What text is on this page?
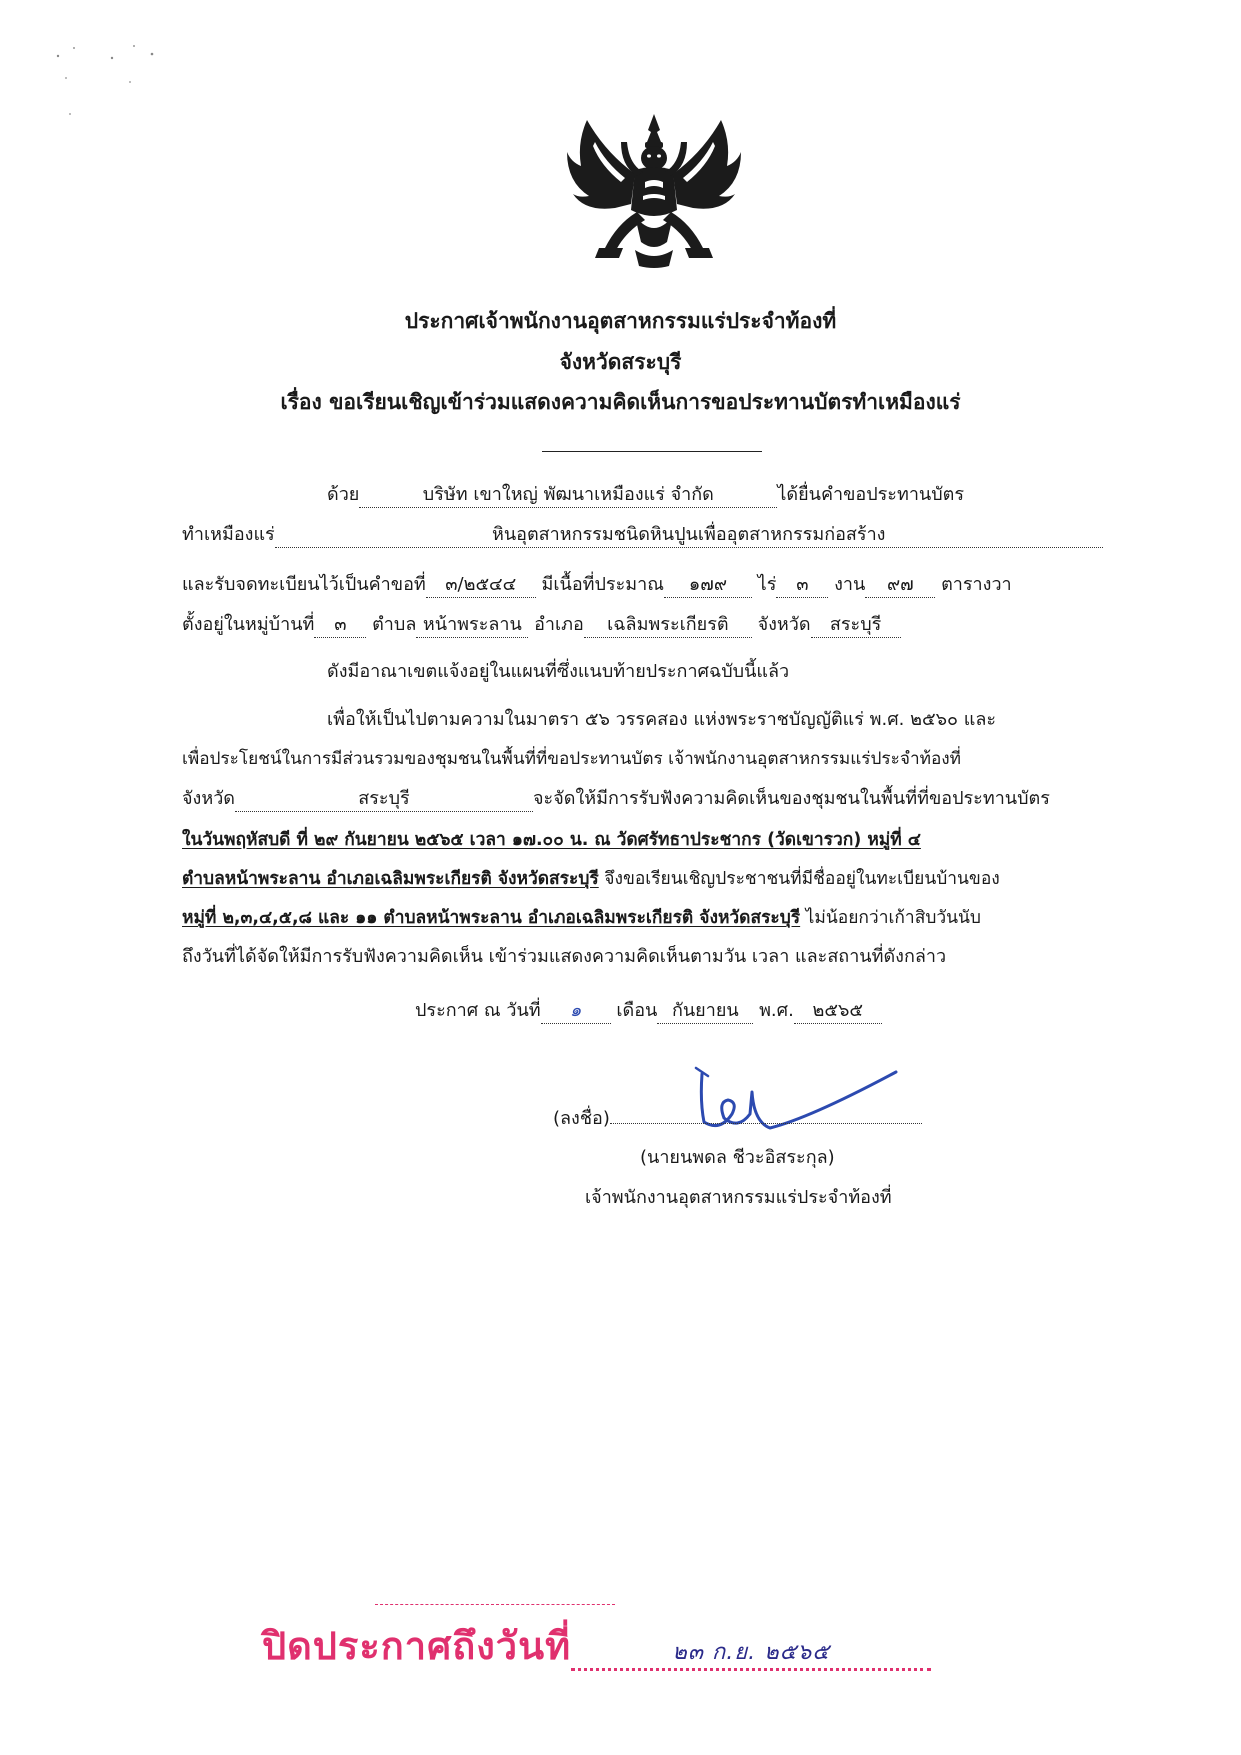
ประกาศเจ้าพนักงานอุตสาหกรรมแร่ประจำท้องที่
จังหวัดสระบุรี
เรื่อง ขอเรียนเชิญเข้าร่วมแสดงความคิดเห็นการขอประทานบัตรทำเหมืองแร่
ด้วย	บริษัท เขาใหญ่ พัฒนาเหมืองแร่ จำกัด	ได้ยื่นคำขอประทานบัตร
ทำเหมืองแร่	หินอุตสาหกรรมชนิดหินปูนเพื่ออุตสาหกรรมก่อสร้าง
และรับจดทะเบียนไว้เป็นคำขอที่ ๓/๒๕๔๔ มีเนื้อที่ประมาณ ๑๗๙ ไร่ ๓ งาน ๙๗ ตารางวา
ตั้งอยู่ในหมู่บ้านที่ ๓ ตำบล หน้าพระลาน อำเภอ เฉลิมพระเกียรติ จังหวัด สระบุรี
ดังมีอาณาเขตแจ้งอยู่ในแผนที่ซึ่งแนบท้ายประกาศฉบับนี้แล้ว
เพื่อให้เป็นไปตามความในมาตรา ๕๖ วรรคสอง แห่งพระราชบัญญัติแร่ พ.ศ. ๒๕๖๐ และ
เพื่อประโยชน์ในการมีส่วนรวมของชุมชนในพื้นที่ที่ขอประทานบัตร เจ้าพนักงานอุตสาหกรรมแร่ประจำท้องที่
จังหวัด	สระบุรี	จะจัดให้มีการรับฟังความคิดเห็นของชุมชนในพื้นที่ที่ขอประทานบัตร
ในวันพฤหัสบดี ที่ ๒๙ กันยายน ๒๕๖๕ เวลา ๑๗.๐๐ น. ณ วัดศรัทธาประชากร (วัดเขารวก) หมู่ที่ ๔
ตำบลหน้าพระลาน อำเภอเฉลิมพระเกียรติ จังหวัดสระบุรี จึงขอเรียนเชิญประชาชนที่มีชื่ออยู่ในทะเบียนบ้านของ
หมู่ที่ ๒,๓,๔,๕,๘ และ ๑๑ ตำบลหน้าพระลาน อำเภอเฉลิมพระเกียรติ จังหวัดสระบุรี ไม่น้อยกว่าเก้าสิบวันนับ
ถึงวันที่ได้จัดให้มีการรับฟังความคิดเห็น เข้าร่วมแสดงความคิดเห็นตามวัน เวลา และสถานที่ดังกล่าว
ประกาศ ณ วันที่ ๑ เดือน กันยายน พ.ศ. ๒๕๖๕
(ลงชื่อ)
(นายนพดล ชีวะอิสระกุล)
เจ้าพนักงานอุตสาหกรรมแร่ประจำท้องที่
ปิดประกาศถึงวันที่	๒๓ ก.ย. ๒๕๖๕
